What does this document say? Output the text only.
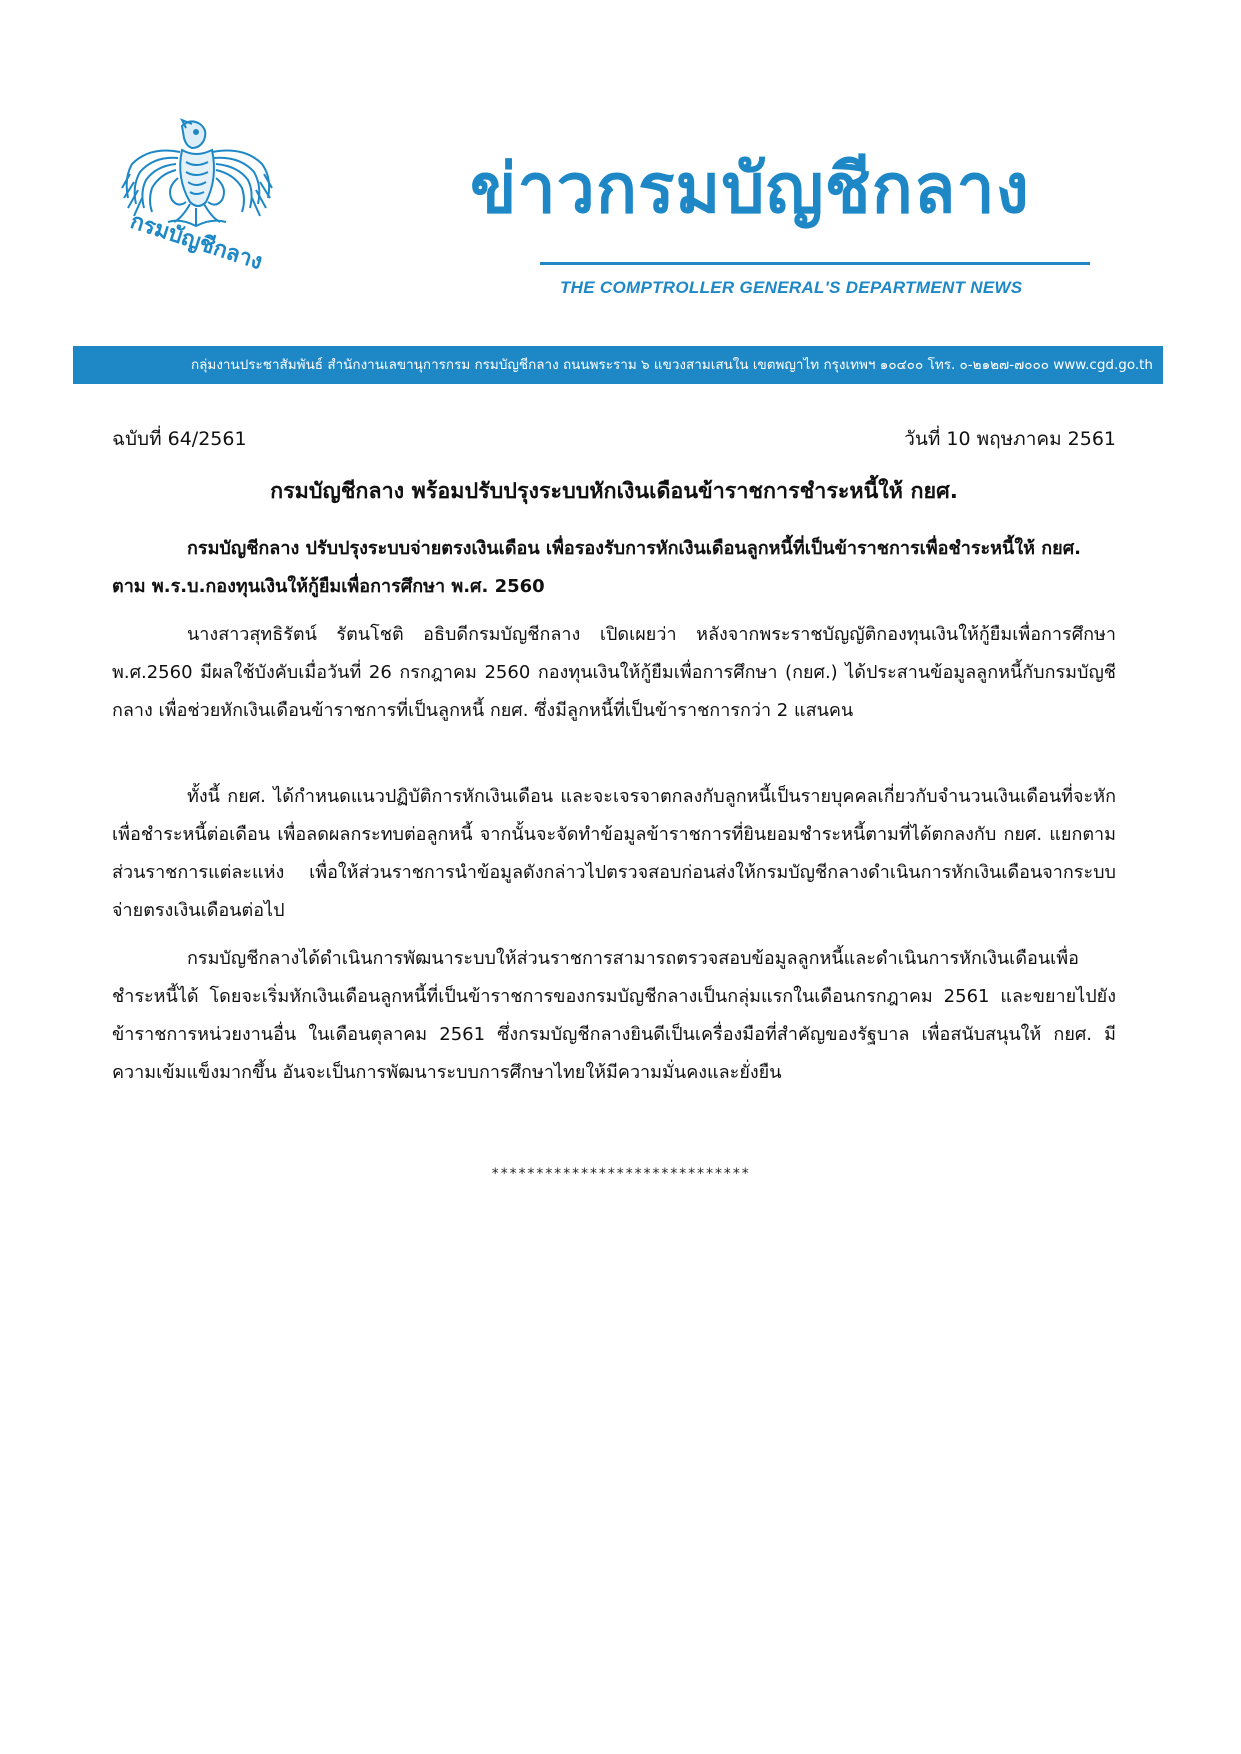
กรมบัญชีกลาง
ข่าวกรมบัญชีกลาง
THE COMPTROLLER GENERAL'S DEPARTMENT NEWS
กลุ่มงานประชาสัมพันธ์ สำนักงานเลขานุการกรม กรมบัญชีกลาง ถนนพระราม ๖ แขวงสามเสนใน เขตพญาไท กรุงเทพฯ ๑๐๔๐๐ โทร. ๐-๒๑๒๗-๗๐๐๐ www.cgd.go.th
ฉบับที่ 64/2561	วันที่ 10 พฤษภาคม 2561
กรมบัญชีกลาง พร้อมปรับปรุงระบบหักเงินเดือนข้าราชการชำระหนี้ให้ กยศ.
กรมบัญชีกลาง ปรับปรุงระบบจ่ายตรงเงินเดือน เพื่อรองรับการหักเงินเดือนลูกหนี้ที่เป็นข้าราชการเพื่อชำระหนี้ให้ กยศ. ตาม พ.ร.บ.กองทุนเงินให้กู้ยืมเพื่อการศึกษา พ.ศ. 2560
นางสาวสุทธิรัตน์ รัตนโชติ อธิบดีกรมบัญชีกลาง เปิดเผยว่า หลังจากพระราชบัญญัติกองทุนเงินให้กู้ยืมเพื่อการศึกษา พ.ศ.2560 มีผลใช้บังคับเมื่อวันที่ 26 กรกฎาคม 2560 กองทุนเงินให้กู้ยืมเพื่อการศึกษา (กยศ.) ได้ประสานข้อมูลลูกหนี้กับกรมบัญชีกลาง เพื่อช่วยหักเงินเดือนข้าราชการที่เป็นลูกหนี้ กยศ. ซึ่งมีลูกหนี้ที่เป็นข้าราชการกว่า 2 แสนคน
ทั้งนี้ กยศ. ได้กำหนดแนวปฏิบัติการหักเงินเดือน และจะเจรจาตกลงกับลูกหนี้เป็นรายบุคคลเกี่ยวกับจำนวนเงินเดือนที่จะหักเพื่อชำระหนี้ต่อเดือน เพื่อลดผลกระทบต่อลูกหนี้ จากนั้นจะจัดทำข้อมูลข้าราชการที่ยินยอมชำระหนี้ตามที่ได้ตกลงกับ กยศ. แยกตามส่วนราชการแต่ละแห่ง เพื่อให้ส่วนราชการนำข้อมูลดังกล่าวไปตรวจสอบก่อนส่งให้กรมบัญชีกลางดำเนินการหักเงินเดือนจากระบบจ่ายตรงเงินเดือนต่อไป
กรมบัญชีกลางได้ดำเนินการพัฒนาระบบให้ส่วนราชการสามารถตรวจสอบข้อมูลลูกหนี้และดำเนินการหักเงินเดือนเพื่อชำระหนี้ได้ โดยจะเริ่มหักเงินเดือนลูกหนี้ที่เป็นข้าราชการของกรมบัญชีกลางเป็นกลุ่มแรกในเดือนกรกฎาคม 2561 และขยายไปยังข้าราชการหน่วยงานอื่น ในเดือนตุลาคม 2561 ซึ่งกรมบัญชีกลางยินดีเป็นเครื่องมือที่สำคัญของรัฐบาล เพื่อสนับสนุนให้ กยศ. มีความเข้มแข็งมากขึ้น อันจะเป็นการพัฒนาระบบการศึกษาไทยให้มีความมั่นคงและยั่งยืน
*****************************
